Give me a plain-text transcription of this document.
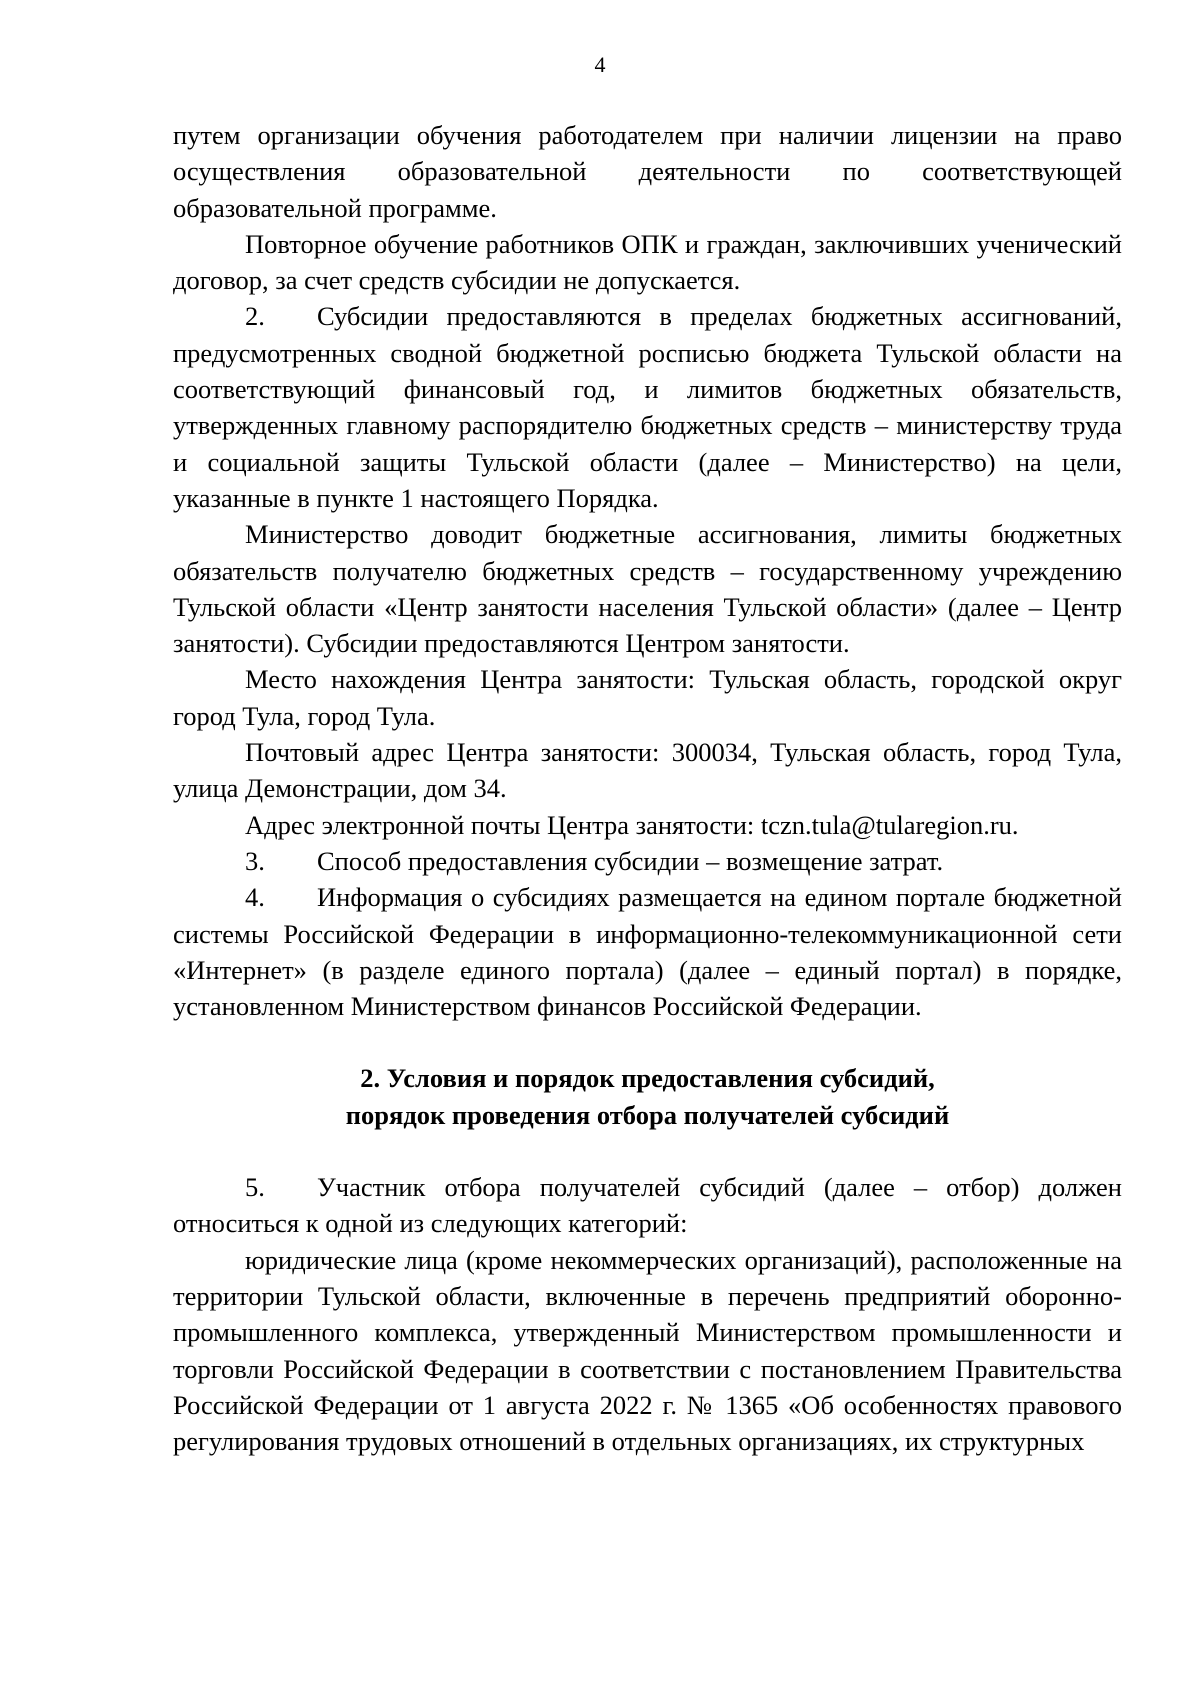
4

путем организации обучения работодателем при наличии лицензии на право осуществления образовательной деятельности по соответствующей образовательной программе.

Повторное обучение работников ОПК и граждан, заключивших ученический договор, за счет средств субсидии не допускается.

2. Субсидии предоставляются в пределах бюджетных ассигнований, предусмотренных сводной бюджетной росписью бюджета Тульской области на соответствующий финансовый год, и лимитов бюджетных обязательств, утвержденных главному распорядителю бюджетных средств – министерству труда и социальной защиты Тульской области (далее – Министерство) на цели, указанные в пункте 1 настоящего Порядка.

Министерство доводит бюджетные ассигнования, лимиты бюджетных обязательств получателю бюджетных средств – государственному учреждению Тульской области «Центр занятости населения Тульской области» (далее – Центр занятости). Субсидии предоставляются Центром занятости.

Место нахождения Центра занятости: Тульская область, городской округ город Тула, город Тула.

Почтовый адрес Центра занятости: 300034, Тульская область, город Тула, улица Демонстрации, дом 34.

Адрес электронной почты Центра занятости: tczn.tula@tularegion.ru.

3. Способ предоставления субсидии – возмещение затрат.

4. Информация о субсидиях размещается на едином портале бюджетной системы Российской Федерации в информационно-телекоммуникационной сети «Интернет» (в разделе единого портала) (далее – единый портал) в порядке, установленном Министерством финансов Российской Федерации.

2. Условия и порядок предоставления субсидий,
порядок проведения отбора получателей субсидий

5. Участник отбора получателей субсидий (далее – отбор) должен относиться к одной из следующих категорий:

юридические лица (кроме некоммерческих организаций), расположенные на территории Тульской области, включенные в перечень предприятий оборонно-промышленного комплекса, утвержденный Министерством промышленности и торговли Российской Федерации в соответствии с постановлением Правительства Российской Федерации от 1 августа 2022 г. № 1365 «Об особенностях правового регулирования трудовых отношений в отдельных организациях, их структурных
